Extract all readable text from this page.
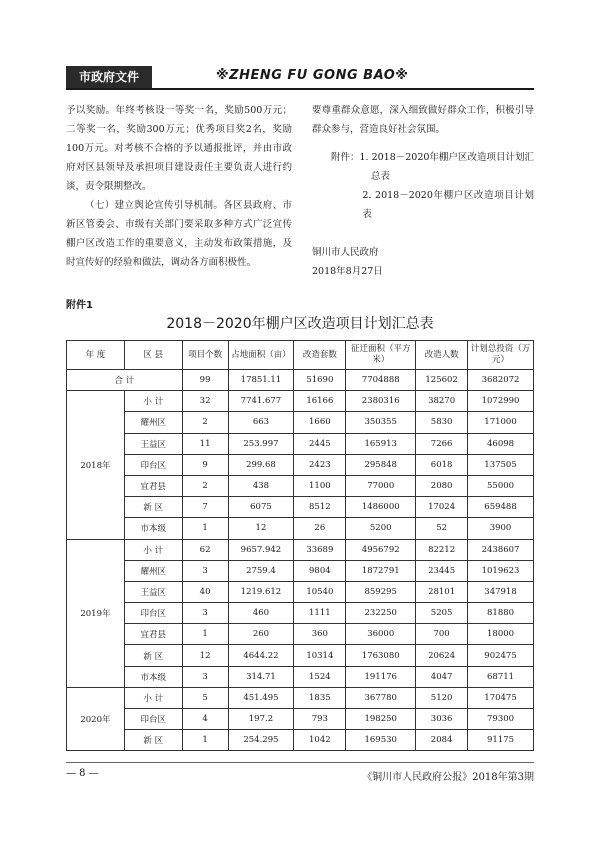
市政府文件	※ZHENG FU GONG BAO※

予以奖励。年终考核设一等奖一名，奖励500万元；二等奖一名，奖励300万元；优秀项目奖2名，奖励100万元。对考核不合格的予以通报批评，并由市政府对区县领导及承担项目建设责任主要负责人进行约谈，责令限期整改。

（七）建立舆论宣传引导机制。各区县政府、市新区管委会、市级有关部门要采取多种方式广泛宣传棚户区改造工作的重要意义，主动发布政策措施，及时宣传好的经验和做法，调动各方面积极性。

要尊重群众意愿，深入细致做好群众工作，积极引导群众参与，营造良好社会氛围。

附件：1. 2018－2020年棚户区改造项目计划汇

总表

2. 2018－2020年棚户区改造项目计划表

铜川市人民政府

2018年8月27日

附件1
2018－2020年棚户区改造项目计划汇总表
年 度	区 县	项目个数	占地面积（亩）	改造套数	征迁面积（平方米）	改造人数	计划总投资（万元）
合 计		99	17851.11	51690	7704888	125602	3682072
2018年	小 计	32	7741.677	16166	2380316	38270	1072990
	耀州区	2	663	1660	350355	5830	171000
	王益区	11	253.997	2445	165913	7266	46098
	印台区	9	299.68	2423	295848	6018	137505
	宜君县	2	438	1100	77000	2080	55000
	新 区	7	6075	8512	1486000	17024	659488
	市本级	1	12	26	5200	52	3900
2019年	小 计	62	9657.942	33689	4956792	82212	2438607
	耀州区	3	2759.4	9804	1872791	23445	1019623
	王益区	40	1219.612	10540	859295	28101	347918
	印台区	3	460	1111	232250	5205	81880
	宜君县	1	260	360	36000	700	18000
	新 区	12	4644.22	10314	1763080	20624	902475
	市本级	3	314.71	1524	191176	4047	68711
2020年	小 计	5	451.495	1835	367780	5120	170475
	印台区	4	197.2	793	198250	3036	79300
	新 区	1	254.295	1042	169530	2084	91175
— 8 —	《铜川市人民政府公报》2018年第3期
